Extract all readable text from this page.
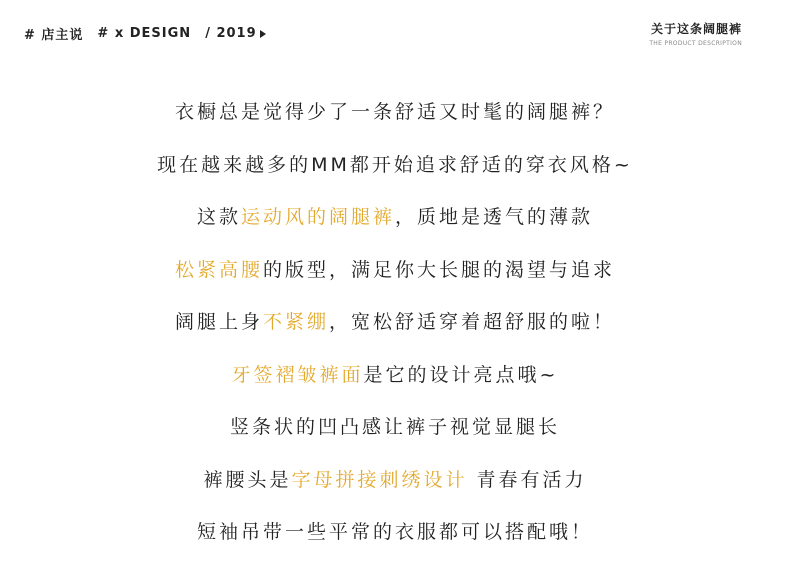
# 店主说 # x DESIGN / 2019	关于这条阔腿裤
THE PRODUCT DESCRIPTION
衣橱总是觉得少了一条舒适又时髦的阔腿裤？
现在越来越多的MM都开始追求舒适的穿衣风格~
这款运动风的阔腿裤，质地是透气的薄款
松紧高腰的版型，满足你大长腿的渴望与追求
阔腿上身不紧绷，宽松舒适穿着超舒服的啦！
牙签褶皱裤面是它的设计亮点哦~
竖条状的凹凸感让裤子视觉显腿长
裤腰头是字母拼接刺绣设计 青春有活力
短袖吊带一些平常的衣服都可以搭配哦！
